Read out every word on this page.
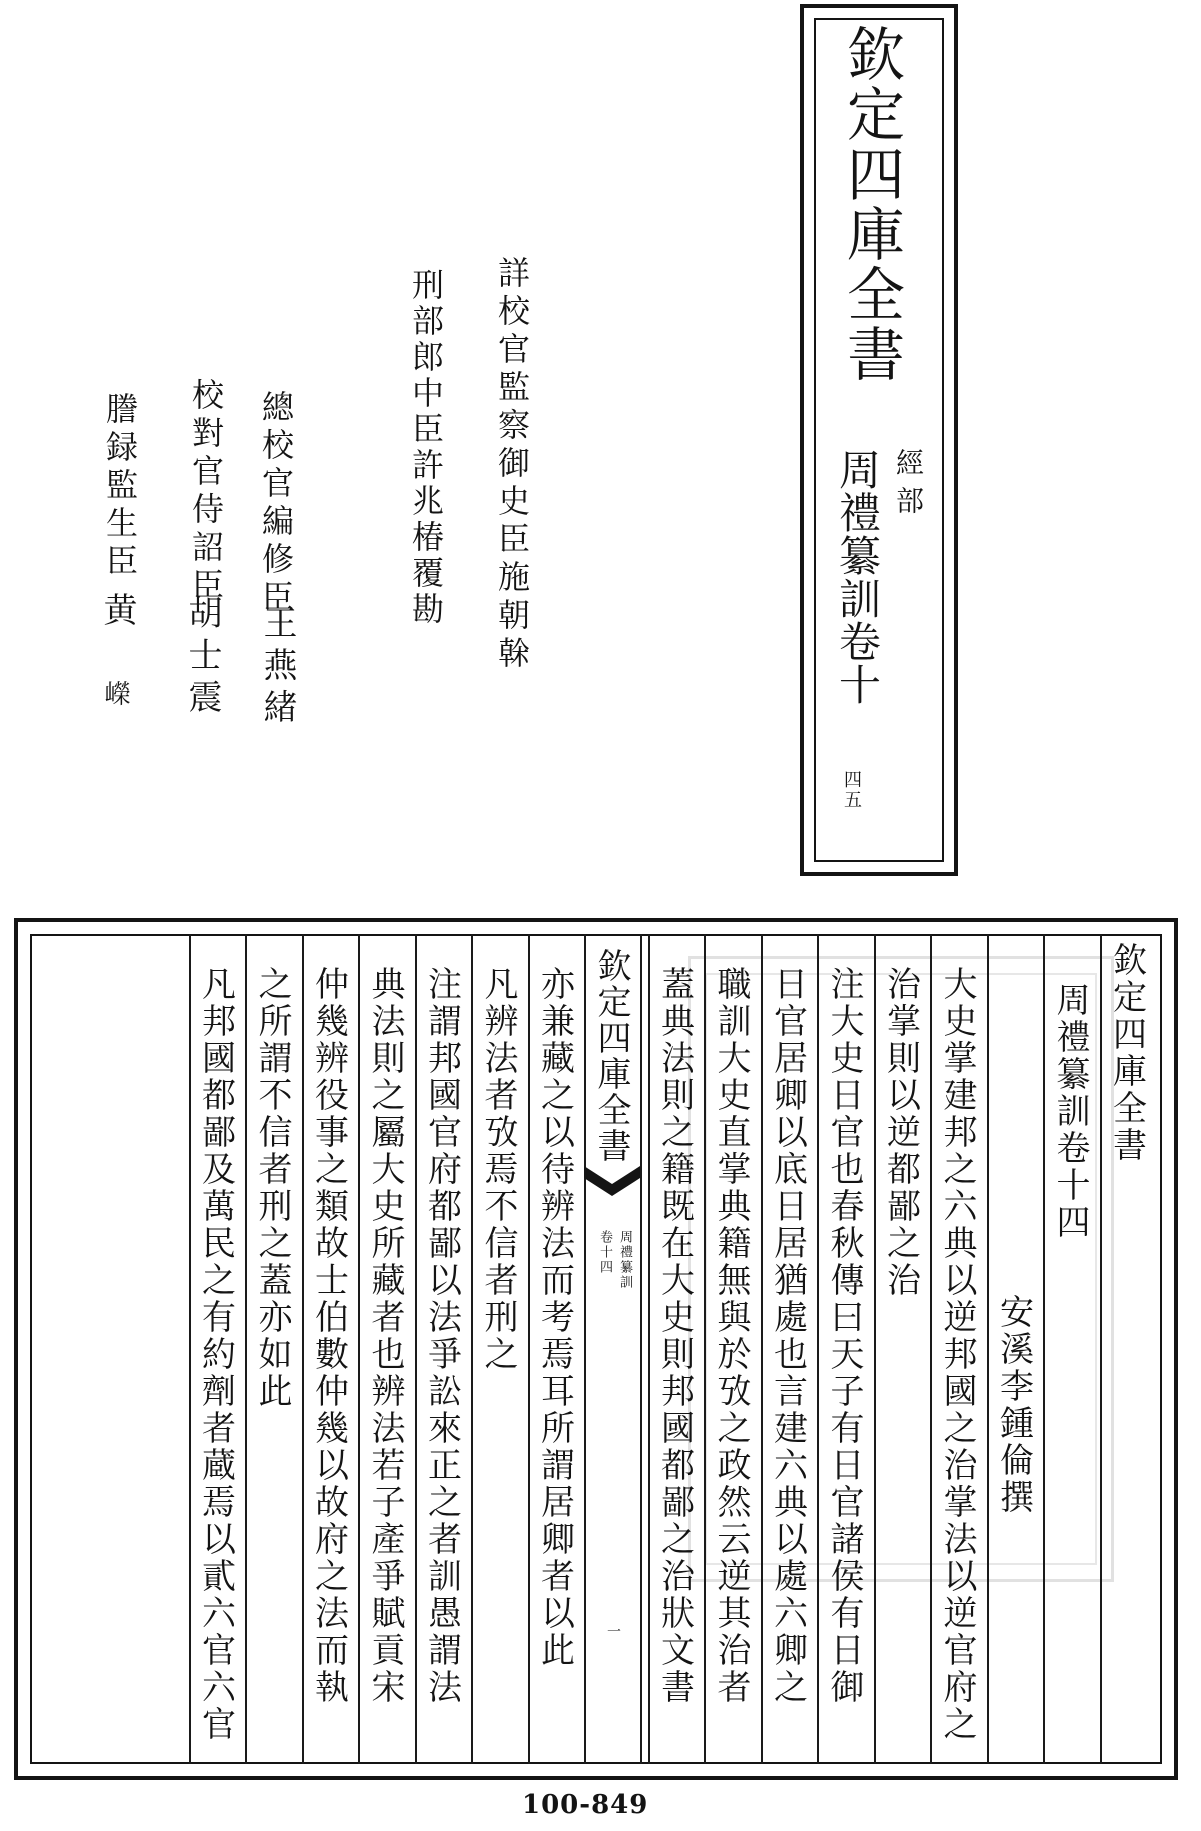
欽定四庫全書
經部
周禮纂訓卷十
四五
詳校官監察御史臣施朝榦
刑部郎中臣許兆椿覆勘
總校官編修臣
王燕緒
校對官侍詔臣
胡士震
謄録監生臣
黄
嶸
欽定四庫全書
周禮纂訓卷十四
安溪李鍾倫撰
大史掌建邦之六典以逆邦國之治掌法以逆官府之
治掌則以逆都鄙之治
注大史日官也春秋傳曰天子有日官諸侯有日御
日官居卿以底日居猶處也言建六典以處六卿之
職訓大史直掌典籍無與於攷之政然云逆其治者
蓋典法則之籍既在大史則邦國都鄙之治狀文書
亦兼藏之以待辨法而考焉耳所謂居卿者以此
凡辨法者攷焉不信者刑之
注謂邦國官府都鄙以法爭訟來正之者訓愚謂法
典法則之屬大史所藏者也辨法若子產爭賦貢宋
仲幾辨役事之類故士伯數仲幾以故府之法而執
之所謂不信者刑之蓋亦如此
凡邦國都鄙及萬民之有約劑者蔵焉以貳六官六官	欽定四庫全書
周禮纂訓
卷十四
一
100-849
